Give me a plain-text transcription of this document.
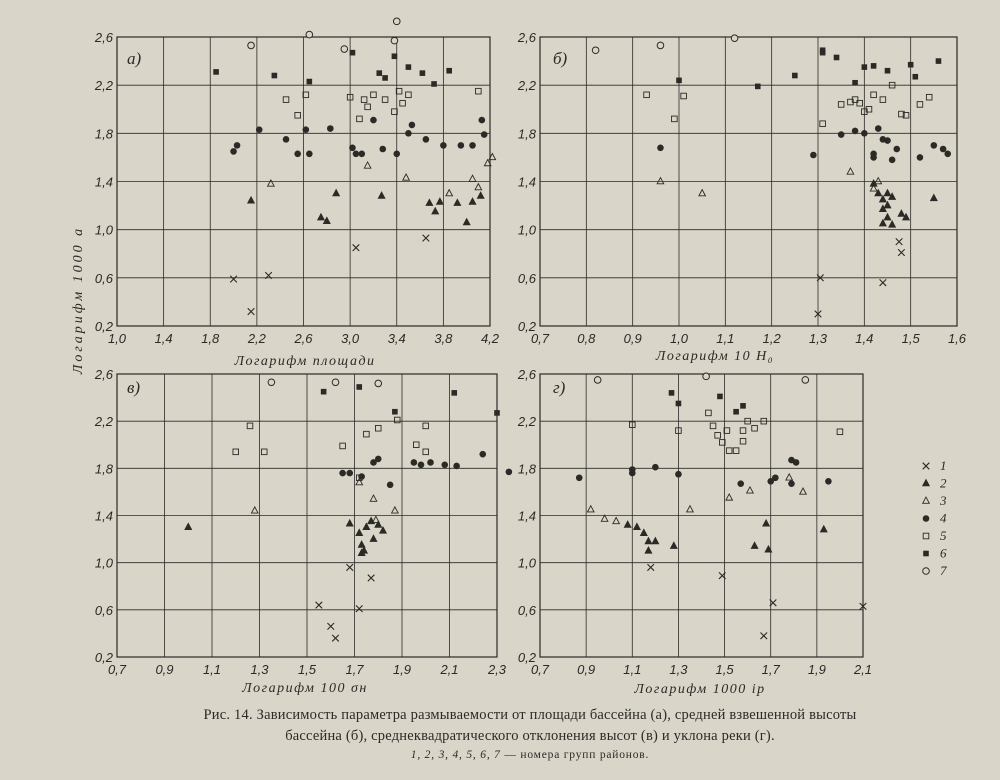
1,0 1,4 1,8 2,2 2,6 3,0 3,4 3,8 4,2
0,2
0,6
1,0
1,4
1,8
2,2
2,6
а)
Логарифм площади
0,7 0,8 0,9 1,0 1,1 1,2 1,3 1,4 1,5 1,6
0,2
0,6
1,0
1,4
1,8
2,2
2,6
б)
Логарифм 10 H₀
0,7 0,9 1,1 1,3 1,5 1,7 1,9 2,1 2,3
0,2
0,6
1,0
1,4
1,8
2,2
2,6
в)
Логарифм 100 σн
0,7 0,9 1,1 1,3 1,5 1,7 1,9 2,1
0,2
0,6
1,0
1,4
1,8
2,2
2,6
г)
Логарифм 1000 ip
1
2
3
4
5
6
7
Логарифм 1000 a
Рис. 14. Зависимость параметра размываемости от площади бассейна (а), средней взвешенной высоты
бассейна (б), среднеквадратического отклонения высот (в) и уклона реки (г).
1, 2, 3, 4, 5, 6, 7 — номера групп районов.
